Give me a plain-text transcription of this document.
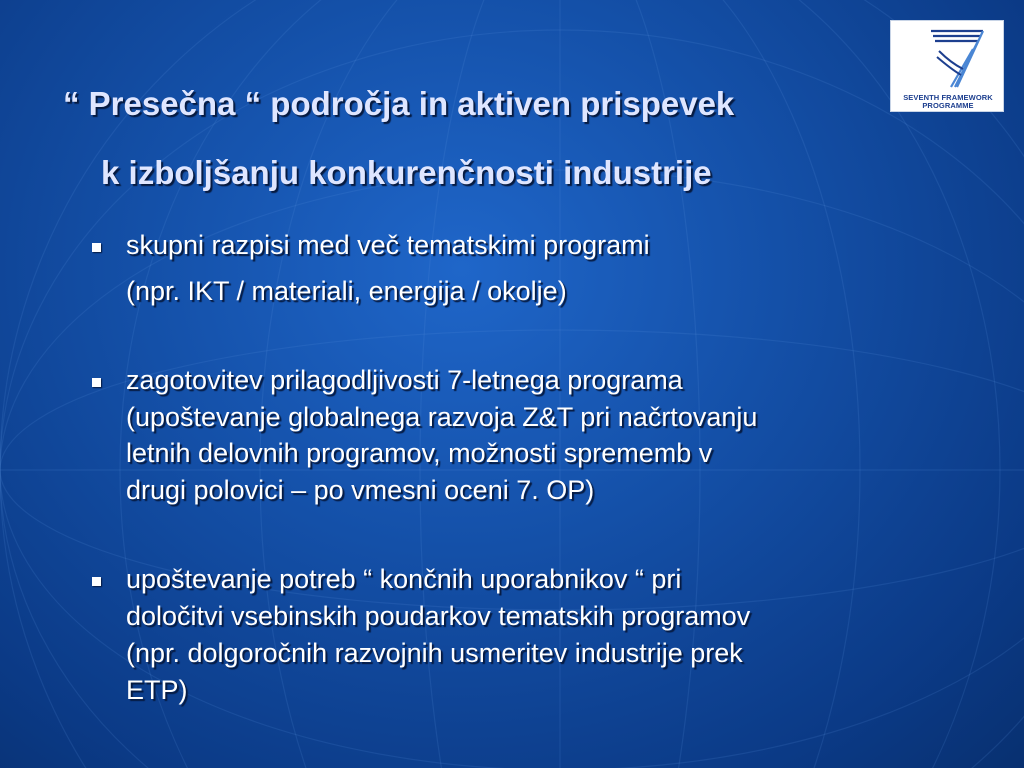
SEVENTH FRAMEWORK
PROGRAMME
“ Presečna “ področja in aktiven prispevek
k izboljšanju konkurenčnosti industrije
skupni razpisi med več tematskimi programi
(npr. IKT / materiali, energija / okolje)
zagotovitev prilagodljivosti 7-letnega programa
(upoštevanje globalnega razvoja Z&T pri načrtovanju
letnih delovnih programov, možnosti sprememb v
drugi polovici – po vmesni oceni 7. OP)
upoštevanje potreb “ končnih uporabnikov “ pri
določitvi vsebinskih poudarkov tematskih programov
(npr. dolgoročnih razvojnih usmeritev industrije prek
ETP)
